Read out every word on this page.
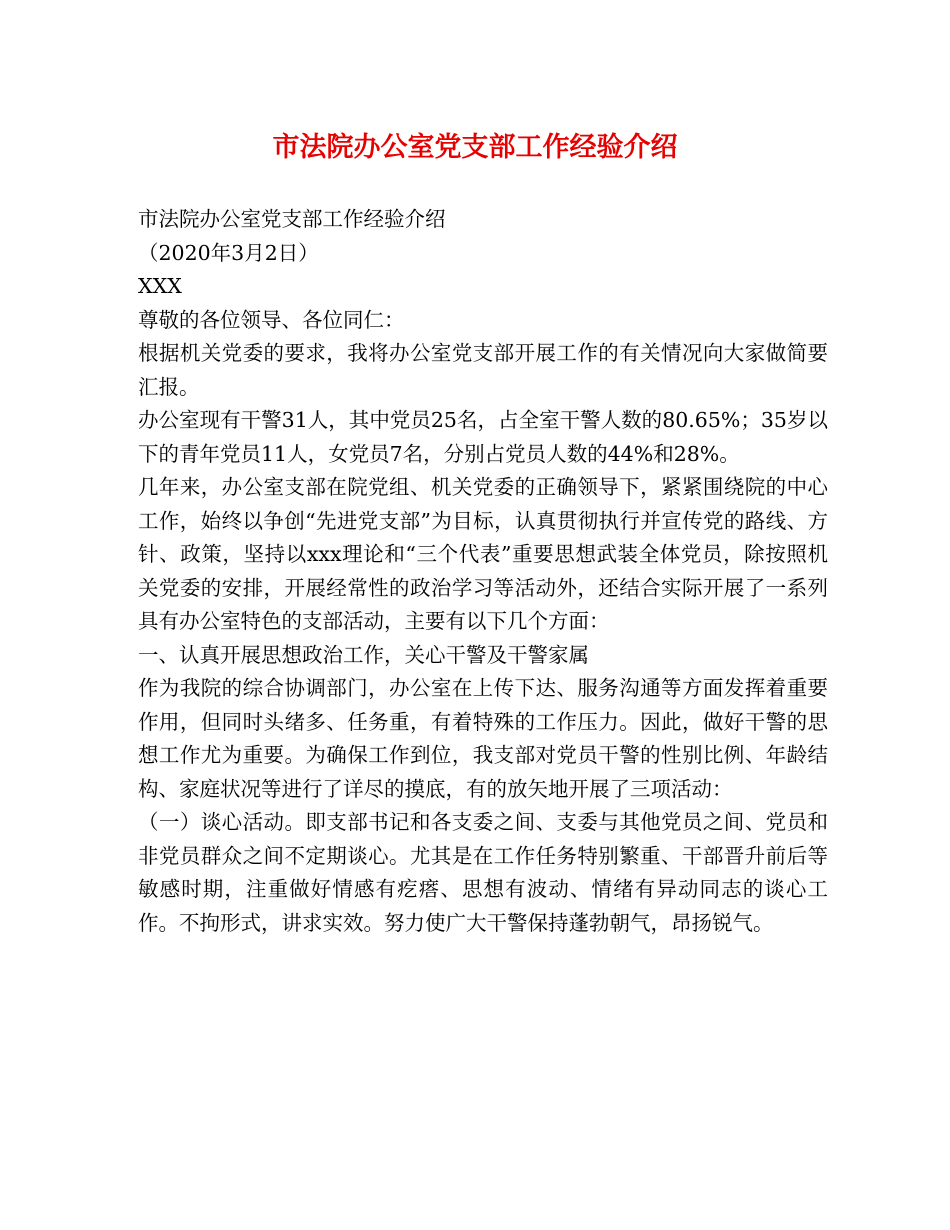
市法院办公室党支部工作经验介绍

市法院办公室党支部工作经验介绍

（2020年3月2日）

XXX

尊敬的各位领导、各位同仁：

根据机关党委的要求，我将办公室党支部开展工作的有关情况向大家做简要汇报。

办公室现有干警31人，其中党员25名，占全室干警人数的80.65%；35岁以下的青年党员11人，女党员7名，分别占党员人数的44%和28%。

几年来，办公室支部在院党组、机关党委的正确领导下，紧紧围绕院的中心工作，始终以争创“先进党支部”为目标，认真贯彻执行并宣传党的路线、方针、政策，坚持以xxx理论和“三个代表”重要思想武装全体党员，除按照机关党委的安排，开展经常性的政治学习等活动外，还结合实际开展了一系列具有办公室特色的支部活动，主要有以下几个方面：

一、认真开展思想政治工作，关心干警及干警家属

作为我院的综合协调部门，办公室在上传下达、服务沟通等方面发挥着重要作用，但同时头绪多、任务重，有着特殊的工作压力。因此，做好干警的思想工作尤为重要。为确保工作到位，我支部对党员干警的性别比例、年龄结构、家庭状况等进行了详尽的摸底，有的放矢地开展了三项活动：

（一）谈心活动。即支部书记和各支委之间、支委与其他党员之间、党员和非党员群众之间不定期谈心。尤其是在工作任务特别繁重、干部晋升前后等敏感时期，注重做好情感有疙瘩、思想有波动、情绪有异动同志的谈心工作。不拘形式，讲求实效。努力使广大干警保持蓬勃朝气，昂扬锐气。
